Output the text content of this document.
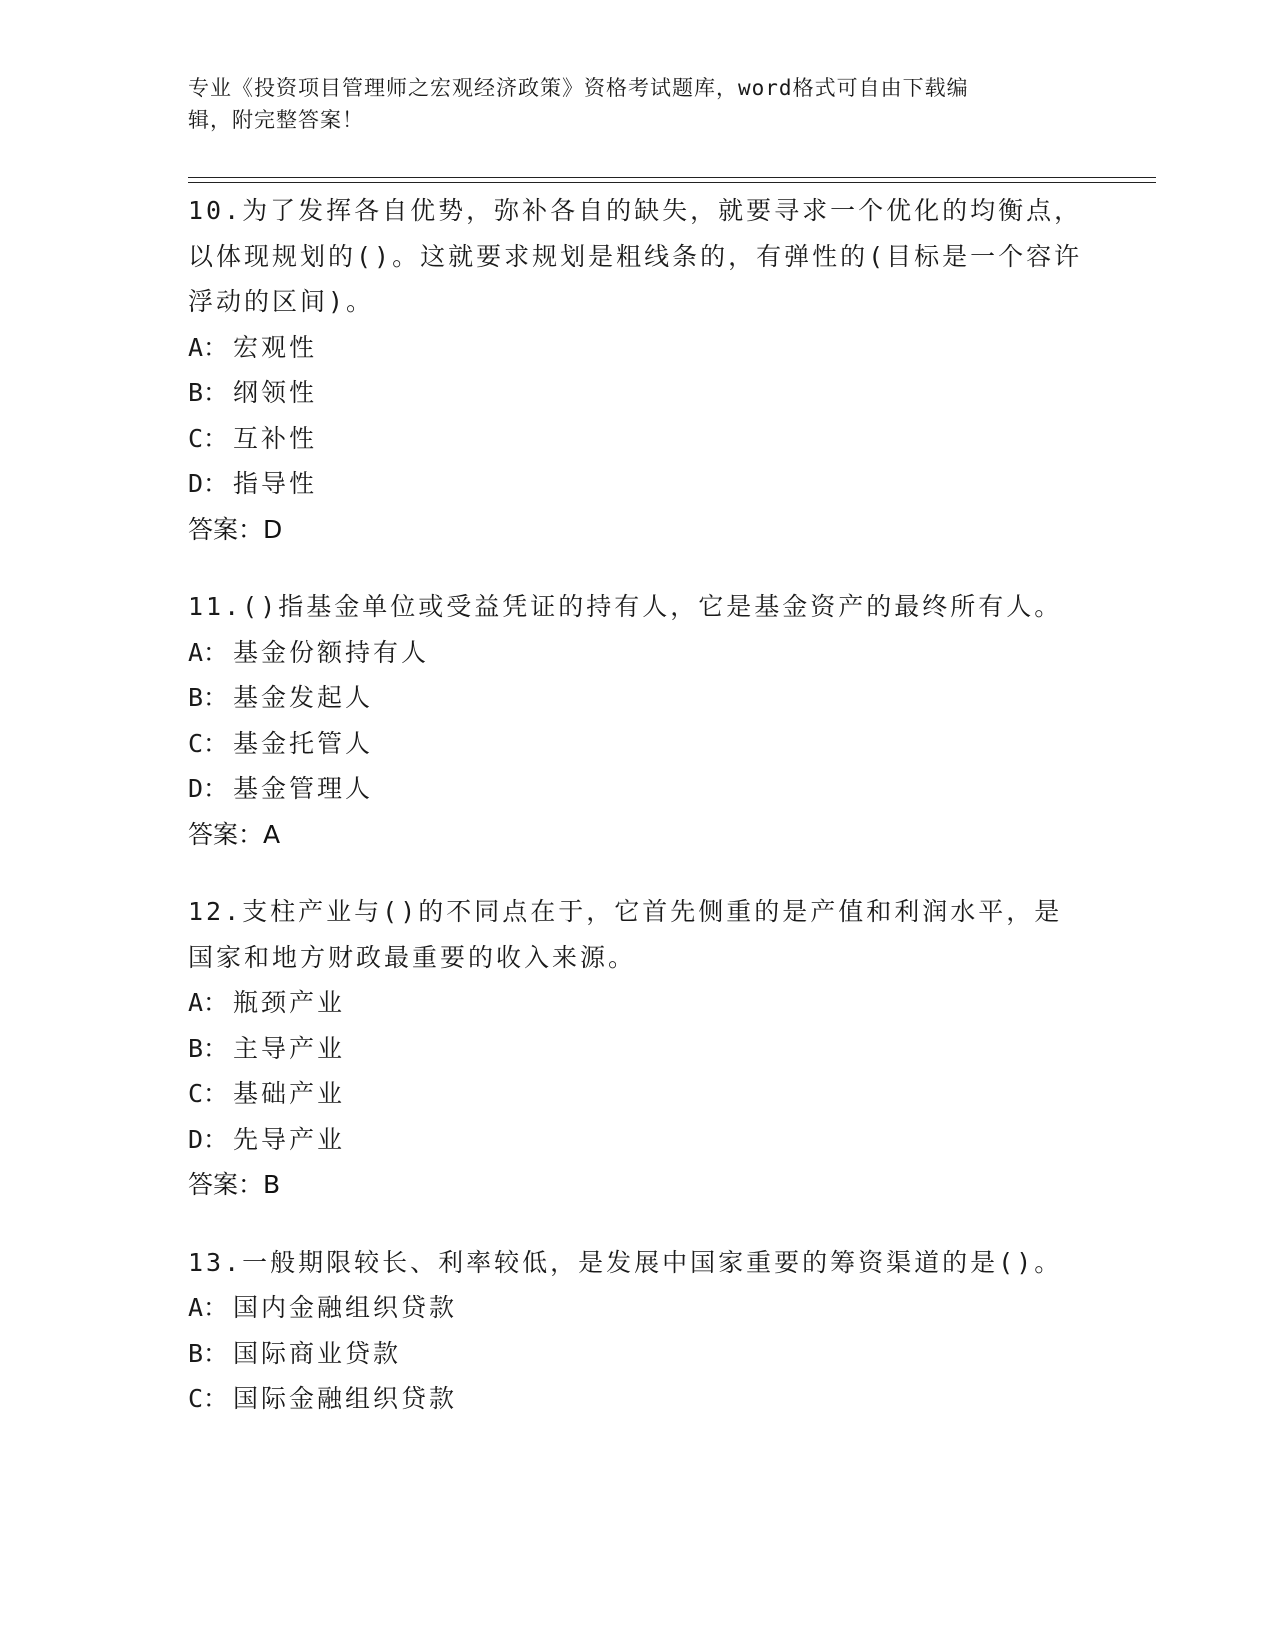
专业《投资项目管理师之宏观经济政策》资格考试题库，word格式可自由下载编
辑，附完整答案！
10.为了发挥各自优势，弥补各自的缺失，就要寻求一个优化的均衡点，以体现规划的()。这就要求规划是粗线条的，有弹性的(目标是一个容许浮动的区间)。
A： 宏观性
B： 纲领性
C： 互补性
D： 指导性
答案：D
11.()指基金单位或受益凭证的持有人，它是基金资产的最终所有人。
A： 基金份额持有人
B： 基金发起人
C： 基金托管人
D： 基金管理人
答案：A
12.支柱产业与()的不同点在于，它首先侧重的是产值和利润水平，是国家和地方财政最重要的收入来源。
A： 瓶颈产业
B： 主导产业
C： 基础产业
D： 先导产业
答案：B
13.一般期限较长、利率较低，是发展中国家重要的筹资渠道的是()。
A： 国内金融组织贷款
B： 国际商业贷款
C： 国际金融组织贷款
